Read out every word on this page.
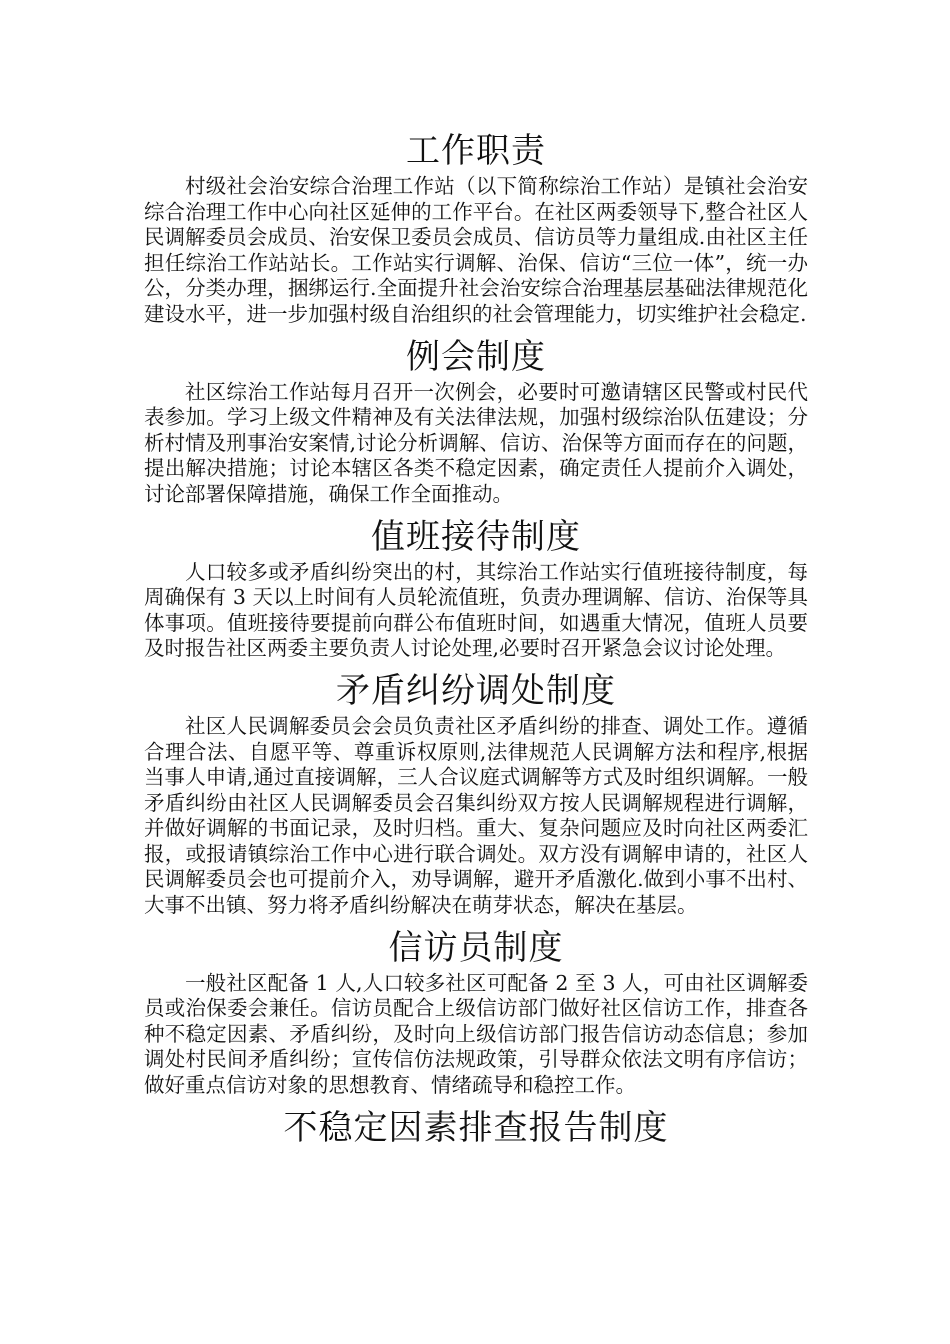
工作职责

村级社会治安综合治理工作站（以下简称综治工作站）是镇社会治安综合治理工作中心向社区延伸的工作平台。在社区两委领导下,整合社区人民调解委员会成员、治安保卫委员会成员、信访员等力量组成.由社区主任担任综治工作站站长。工作站实行调解、治保、信访“三位一体”，统一办公，分类办理，捆绑运行.全面提升社会治安综合治理基层基础法律规范化建设水平，进一步加强村级自治组织的社会管理能力，切实维护社会稳定.

例会制度

社区综治工作站每月召开一次例会，必要时可邀请辖区民警或村民代表参加。学习上级文件精神及有关法律法规，加强村级综治队伍建设；分析村情及刑事治安案情,讨论分析调解、信访、治保等方面而存在的问题，提出解决措施；讨论本辖区各类不稳定因素，确定责任人提前介入调处，讨论部署保障措施，确保工作全面推动。

值班接待制度

人口较多或矛盾纠纷突出的村，其综治工作站实行值班接待制度，每周确保有 3 天以上时间有人员轮流值班，负责办理调解、信访、治保等具体事项。值班接待要提前向群公布值班时间，如遇重大情况，值班人员要及时报告社区两委主要负责人讨论处理,必要时召开紧急会议讨论处理。

矛盾纠纷调处制度

社区人民调解委员会会员负责社区矛盾纠纷的排查、调处工作。遵循合理合法、自愿平等、尊重诉权原则,法律规范人民调解方法和程序,根据当事人申请,通过直接调解，三人合议庭式调解等方式及时组织调解。一般矛盾纠纷由社区人民调解委员会召集纠纷双方按人民调解规程进行调解，并做好调解的书面记录，及时归档。重大、复杂问题应及时向社区两委汇报，或报请镇综治工作中心进行联合调处。双方没有调解申请的，社区人民调解委员会也可提前介入，劝导调解，避开矛盾激化.做到小事不出村、大事不出镇、努力将矛盾纠纷解决在萌芽状态，解决在基层。

信访员制度

一般社区配备 1 人,人口较多社区可配备 2 至 3 人，可由社区调解委员或治保委会兼任。信访员配合上级信访部门做好社区信访工作，排查各种不稳定因素、矛盾纠纷，及时向上级信访部门报告信访动态信息；参加调处村民间矛盾纠纷；宣传信仿法规政策，引导群众依法文明有序信访；做好重点信访对象的思想教育、情绪疏导和稳控工作。

不稳定因素排查报告制度
